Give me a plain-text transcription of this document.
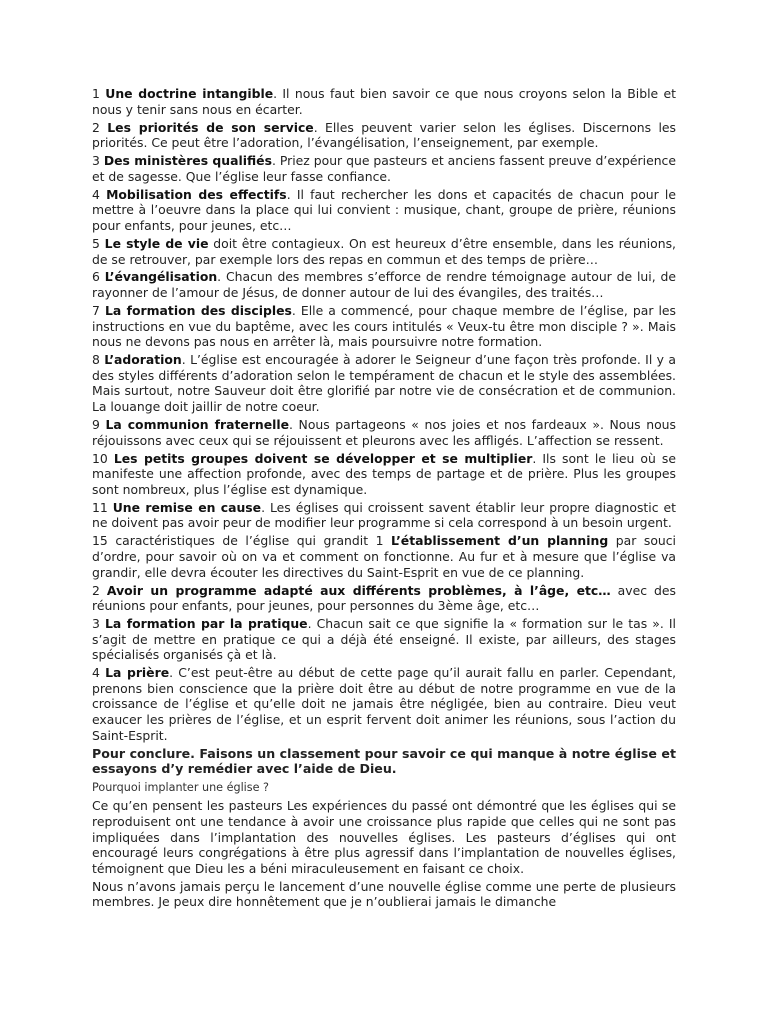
1 Une doctrine intangible. Il nous faut bien savoir ce que nous croyons selon la Bible et nous y tenir sans nous en écarter.

2 Les priorités de son service. Elles peuvent varier selon les églises. Discernons les priorités. Ce peut être l’adoration, l’évangélisation, l’enseignement, par exemple.

3 Des ministères qualifiés. Priez pour que pasteurs et anciens fassent preuve d’expérience et de sagesse. Que l’église leur fasse confiance.

4 Mobilisation des effectifs. Il faut rechercher les dons et capacités de chacun pour le mettre à l’oeuvre dans la place qui lui convient : musique, chant, groupe de prière, réunions pour enfants, pour jeunes, etc…

5 Le style de vie doit être contagieux. On est heureux d’être ensemble, dans les réunions, de se retrouver, par exemple lors des repas en commun et des temps de prière…

6 L’évangélisation. Chacun des membres s’efforce de rendre témoignage autour de lui, de rayonner de l’amour de Jésus, de donner autour de lui des évangiles, des traités…

7 La formation des disciples. Elle a commencé, pour chaque membre de l’église, par les instructions en vue du baptême, avec les cours intitulés « Veux-tu être mon disciple ? ». Mais nous ne devons pas nous en arrêter là, mais poursuivre notre formation.

8 L’adoration. L’église est encouragée à adorer le Seigneur d’une façon très profonde. Il y a des styles différents d’adoration selon le tempérament de chacun et le style des assemblées. Mais surtout, notre Sauveur doit être glorifié par notre vie de consécration et de communion. La louange doit jaillir de notre coeur.

9 La communion fraternelle. Nous partageons « nos joies et nos fardeaux ». Nous nous réjouissons avec ceux qui se réjouissent et pleurons avec les affligés. L’affection se ressent.

10 Les petits groupes doivent se développer et se multiplier. Ils sont le lieu où se manifeste une affection profonde, avec des temps de partage et de prière. Plus les groupes sont nombreux, plus l’église est dynamique.

11 Une remise en cause. Les églises qui croissent savent établir leur propre diagnostic et ne doivent pas avoir peur de modifier leur programme si cela correspond à un besoin urgent.

15 caractéristiques de l’église qui grandit 1 L’établissement d’un planning par souci d’ordre, pour savoir où on va et comment on fonctionne. Au fur et à mesure que l’église va grandir, elle devra écouter les directives du Saint-Esprit en vue de ce planning.

2 Avoir un programme adapté aux différents problèmes, à l’âge, etc… avec des réunions pour enfants, pour jeunes, pour personnes du 3ème âge, etc…

3 La formation par la pratique. Chacun sait ce que signifie la « formation sur le tas ». Il s’agit de mettre en pratique ce qui a déjà été enseigné. Il existe, par ailleurs, des stages spécialisés organisés çà et là.

4 La prière. C’est peut-être au début de cette page qu’il aurait fallu en parler. Cependant, prenons bien conscience que la prière doit être au début de notre programme en vue de la croissance de l’église et qu’elle doit ne jamais être négligée, bien au contraire. Dieu veut exaucer les prières de l’église, et un esprit fervent doit animer les réunions, sous l’action du Saint-Esprit.

Pour conclure. Faisons un classement pour savoir ce qui manque à notre église et essayons d’y remédier avec l’aide de Dieu.

Pourquoi implanter une église ?

Ce qu’en pensent les pasteurs Les expériences du passé ont démontré que les églises qui se reproduisent ont une tendance à avoir une croissance plus rapide que celles qui ne sont pas impliquées dans l’implantation des nouvelles églises. Les pasteurs d’églises qui ont encouragé leurs congrégations à être plus agressif dans l’implantation de nouvelles églises, témoignent que Dieu les a béni miraculeusement en faisant ce choix.

Nous n’avons jamais perçu le lancement d’une nouvelle église comme une perte de plusieurs membres. Je peux dire honnêtement que je n’oublierai jamais le dimanche
